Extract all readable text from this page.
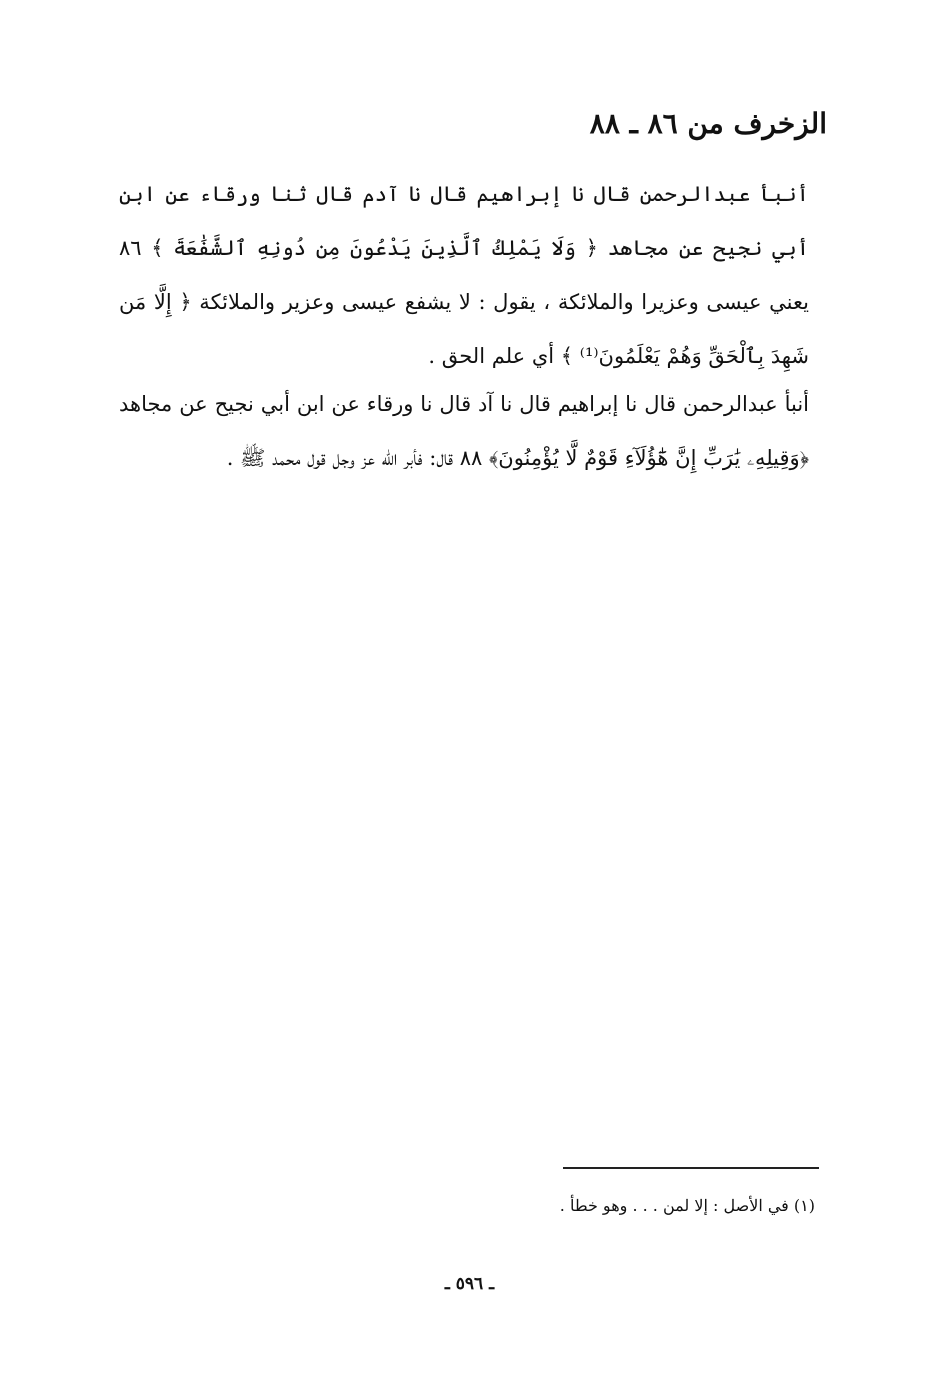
الزخرف من ٨٦ ـ ٨٨

أنبأ عبدالرحمن قال نا إبراهيم قال نا آدم قال ثنا ورقاء عن ابن أبي نجيح عن مجاهد ﴿ وَلَا يَمْلِكُ ٱلَّذِينَ يَدْعُونَ مِن دُونِهِ ٱلشَّفَٰعَةَ ﴾ ٨٦ يعني عيسى وعزيرا والملائكة ، يقول : لا يشفع عيسى وعزير والملائكة ﴿ إِلَّا مَن شَهِدَ بِٱلْحَقِّ وَهُمْ يَعْلَمُونَ⁽¹⁾ ﴾ أي علم الحق .

أنبأ عبدالرحمن قال نا إبراهيم قال نا آد قال نا ورقاء عن ابن أبي نجيح عن مجاهد ﴿وَقِيلِهِۦ يَٰرَبِّ إِنَّ هَٰٓؤُلَآءِ قَوْمٌ لَّا يُؤْمِنُونَ﴾ ٨٨ قال: فأبر الله عز وجل قول محمد ﷺ .

(١) في الأصل : إلا لمن . . . وهو خطأ .
ـ ٥٩٦ ـ
